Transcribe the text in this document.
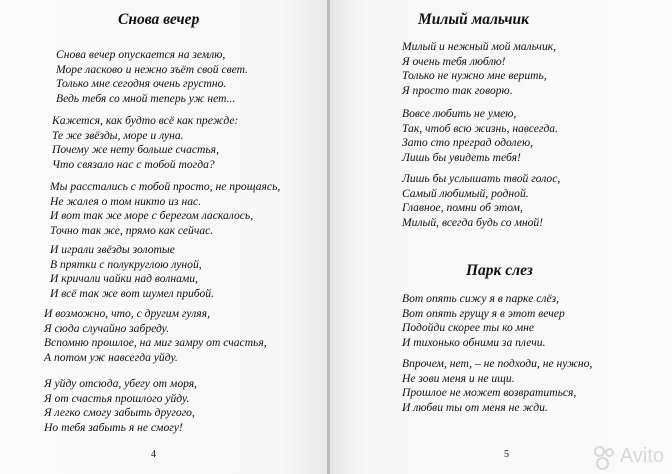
Снова вечер
Снова вечер опускается на землю,
Море ласково и нежно зъёт свой свет.
Только мне сегодня очень грустно.
Ведь тебя со мной теперь уж нет...
Кажется, как будто всё как прежде:
Те же звёзды, море и луна.
Почему же нету больше счастья,
Что связало нас с тобой тогда?
Мы расстались с тобой просто, не прощаясь,
Не жалея о том никто из нас.
И вот так же море с берегом ласкалось,
Точно так же, прямо как сейчас.
И играли звёзды золотые
В прятки с полукруглою луной,
И кричали чайки над волнами,
И всё так же вот шумел прибой.
И возможно, что, с другим гуляя,
Я сюда случайно забреду.
Вспомню прошлое, на миг замру от счастья,
А потом уж навсегда уйду.
Я уйду отсюда, убегу от моря,
Я от счастья прошлого уйду.
Я легко смогу забыть другого,
Но тебя забыть я не смогу!
4
Милый мальчик
Милый и нежный мой мальчик,
Я очень тебя люблю!
Только не нужно мне верить,
Я просто так говорю.
Вовсе любить не умею,
Так, чтоб всю жизнь, навсегда.
Зато сто преград одолею,
Лишь бы увидеть тебя!
Лишь бы услышать твой голос,
Самый любимый, родной.
Главное, помни об этом,
Милый, всегда будь со мной!
Парк слез
Вот опять сижу я в парке слёз,
Вот опять грущу я в этот вечер
Подойди скорее ты ко мне
И тихонько обними за плечи.
Впрочем, нет, – не подходи, не нужно,
Не зови меня и не ищи.
Прошлое не может возвратиться,
И любви ты от меня не жди.
5	Avito
